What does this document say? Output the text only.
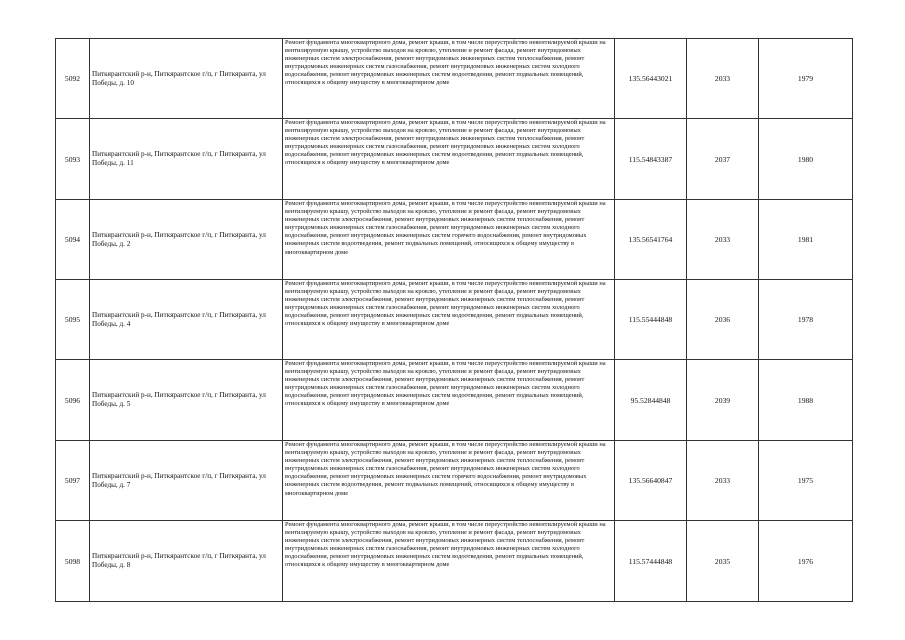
5092	Питкярантский р-н, Питкярантское г/п, г Питкяранта, ул Победы, д. 10	Ремонт фундамента многоквартирного дома, ремонт крыши, в том числе переустройство невентилируемой крыши на вентилируемую крышу, устройство выходов на кровлю, утепление и ремонт фасада, ремонт внутридомовых инженерных систем электроснабжения, ремонт внутридомовых инженерных систем теплоснабжения, ремонт внутридомовых инженерных систем газоснабжения, ремонт внутридомовых инженерных систем холодного водоснабжения, ремонт внутридомовых инженерных систем водоотведения, ремонт подвальных помещений, относящихся к общему имуществу в многоквартирном доме	135.56443021	2033	1979
5093	Питкярантский р-н, Питкярантское г/п, г Питкяранта, ул Победы, д. 11	Ремонт фундамента многоквартирного дома, ремонт крыши, в том числе переустройство невентилируемой крыши на вентилируемую крышу, устройство выходов на кровлю, утепление и ремонт фасада, ремонт внутридомовых инженерных систем электроснабжения, ремонт внутридомовых инженерных систем теплоснабжения, ремонт внутридомовых инженерных систем газоснабжения, ремонт внутридомовых инженерных систем холодного водоснабжения, ремонт внутридомовых инженерных систем водоотведения, ремонт подвальных помещений, относящихся к общему имуществу в многоквартирном доме	115.54843387	2037	1980
5094	Питкярантский р-н, Питкярантское г/п, г Питкяранта, ул Победы, д. 2	Ремонт фундамента многоквартирного дома, ремонт крыши, в том числе переустройство невентилируемой крыши на вентилируемую крышу, устройство выходов на кровлю, утепление и ремонт фасада, ремонт внутридомовых инженерных систем электроснабжения, ремонт внутридомовых инженерных систем теплоснабжения, ремонт внутридомовых инженерных систем газоснабжения, ремонт внутридомовых инженерных систем холодного водоснабжения, ремонт внутридомовых инженерных систем горячего водоснабжения, ремонт внутридомовых инженерных систем водоотведения, ремонт подвальных помещений, относящихся к общему имуществу в многоквартирном доме	135.56541764	2033	1981
5095	Питкярантский р-н, Питкярантское г/п, г Питкяранта, ул Победы, д. 4	Ремонт фундамента многоквартирного дома, ремонт крыши, в том числе переустройство невентилируемой крыши на вентилируемую крышу, устройство выходов на кровлю, утепление и ремонт фасада, ремонт внутридомовых инженерных систем электроснабжения, ремонт внутридомовых инженерных систем теплоснабжения, ремонт внутридомовых инженерных систем газоснабжения, ремонт внутридомовых инженерных систем холодного водоснабжения, ремонт внутридомовых инженерных систем водоотведения, ремонт подвальных помещений, относящихся к общему имуществу в многоквартирном доме	115.55444848	2036	1978
5096	Питкярантский р-н, Питкярантское г/п, г Питкяранта, ул Победы, д. 5	Ремонт фундамента многоквартирного дома, ремонт крыши, в том числе переустройство невентилируемой крыши на вентилируемую крышу, устройство выходов на кровлю, утепление и ремонт фасада, ремонт внутридомовых инженерных систем электроснабжения, ремонт внутридомовых инженерных систем теплоснабжения, ремонт внутридомовых инженерных систем газоснабжения, ремонт внутридомовых инженерных систем холодного водоснабжения, ремонт внутридомовых инженерных систем водоотведения, ремонт подвальных помещений, относящихся к общему имуществу в многоквартирном доме	95.52844848	2039	1988
5097	Питкярантский р-н, Питкярантское г/п, г Питкяранта, ул Победы, д. 7	Ремонт фундамента многоквартирного дома, ремонт крыши, в том числе переустройство невентилируемой крыши на вентилируемую крышу, устройство выходов на кровлю, утепление и ремонт фасада, ремонт внутридомовых инженерных систем электроснабжения, ремонт внутридомовых инженерных систем теплоснабжения, ремонт внутридомовых инженерных систем газоснабжения, ремонт внутридомовых инженерных систем холодного водоснабжения, ремонт внутридомовых инженерных систем горячего водоснабжения, ремонт внутридомовых инженерных систем водоотведения, ремонт подвальных помещений, относящихся к общему имуществу в многоквартирном доме	135.56640847	2033	1975
5098	Питкярантский р-н, Питкярантское г/п, г Питкяранта, ул Победы, д. 8	Ремонт фундамента многоквартирного дома, ремонт крыши, в том числе переустройство невентилируемой крыши на вентилируемую крышу, устройство выходов на кровлю, утепление и ремонт фасада, ремонт внутридомовых инженерных систем электроснабжения, ремонт внутридомовых инженерных систем теплоснабжения, ремонт внутридомовых инженерных систем газоснабжения, ремонт внутридомовых инженерных систем холодного водоснабжения, ремонт внутридомовых инженерных систем водоотведения, ремонт подвальных помещений, относящихся к общему имуществу в многоквартирном доме	115.57444848	2035	1976
